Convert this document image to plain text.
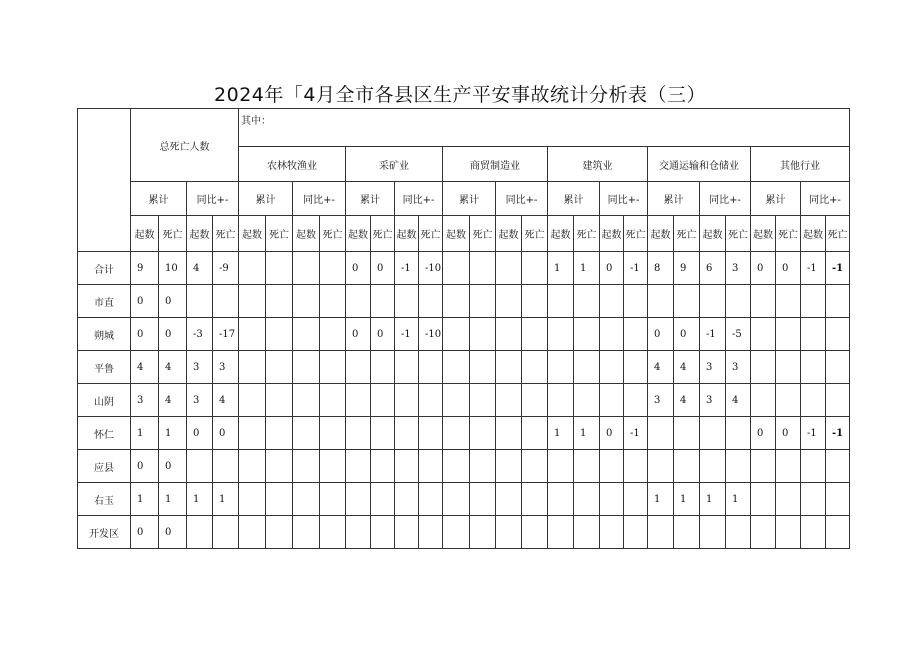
2024年「4月全市各县区生产平安事故统计分析表（三）
	总死亡人数				其中：																							
					农林牧渔业				采矿业				商贸制造业				建筑业				交通运输和仓储业				其他行业			
	累计		同比+-		累计		同比+-		累计		同比+-		累计		同比+-		累计		同比+-		累计		同比+-		累计		同比+-	
	起数	死亡	起数	死亡	起数	死亡	起数	死亡	起数	死亡	起数	死亡	起数	死亡	起数	死亡	起数	死亡	起数	死亡	起数	死亡	起数	死亡	起数	死亡	起数	死亡
合计	9	10	4	-9					0	0	-1	-10					1	1	0	-1	8	9	6	3	0	0	-1	-1
市直	0	0																										
朔城	0	0	-3	-17					0	0	-1	-10									0	0	-1	-5				
平鲁	4	4	3	3																	4	4	3	3				
山阴	3	4	3	4																	3	4	3	4				
怀仁	1	1	0	0													1	1	0	-1					0	0	-1	-1
应县	0	0																										
右玉	1	1	1	1																	1	1	1	1				
开发区	0	0																										
